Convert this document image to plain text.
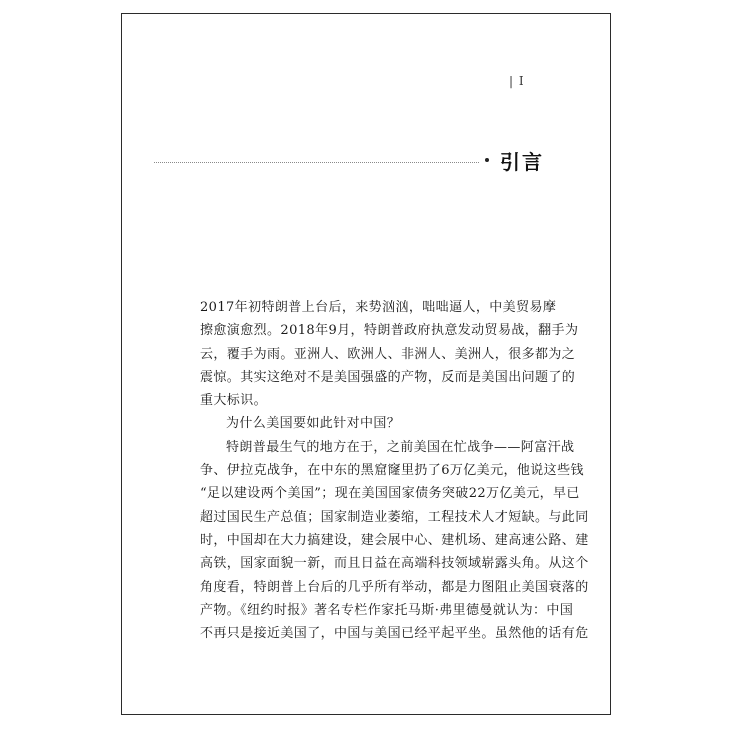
| I
引言
2017年初特朗普上台后，来势汹汹，咄咄逼人，中美贸易摩
擦愈演愈烈。2018年9月，特朗普政府执意发动贸易战，翻手为
云，覆手为雨。亚洲人、欧洲人、非洲人、美洲人，很多都为之
震惊。其实这绝对不是美国强盛的产物，反而是美国出问题了的
重大标识。
为什么美国要如此针对中国？
特朗普最生气的地方在于，之前美国在忙战争——阿富汗战
争、伊拉克战争，在中东的黑窟窿里扔了6万亿美元，他说这些钱
“足以建设两个美国”；现在美国国家债务突破22万亿美元，早已
超过国民生产总值；国家制造业萎缩，工程技术人才短缺。与此同
时，中国却在大力搞建设，建会展中心、建机场、建高速公路、建
高铁，国家面貌一新，而且日益在高端科技领域崭露头角。从这个
角度看，特朗普上台后的几乎所有举动，都是力图阻止美国衰落的
产物。《纽约时报》著名专栏作家托马斯·弗里德曼就认为：中国
不再只是接近美国了，中国与美国已经平起平坐。虽然他的话有危
